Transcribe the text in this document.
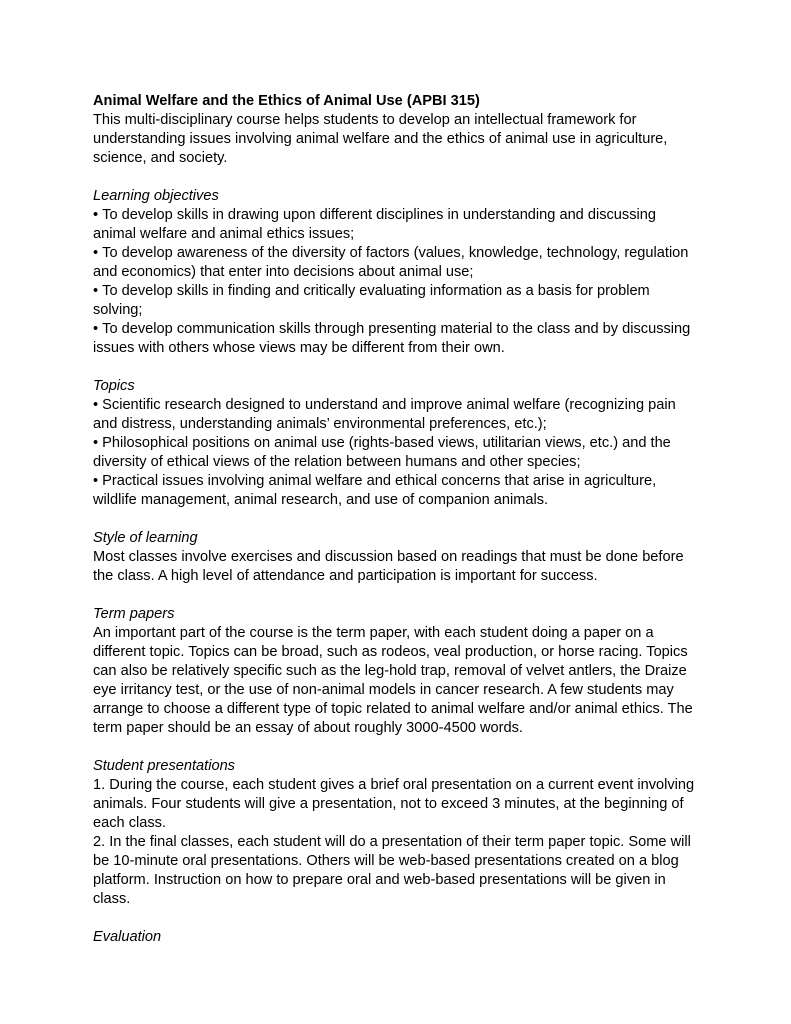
Animal Welfare and the Ethics of Animal Use (APBI 315)

This multi-disciplinary course helps students to develop an intellectual framework for understanding issues involving animal welfare and the ethics of animal use in agriculture, science, and society.

Learning objectives

• To develop skills in drawing upon different disciplines in understanding and discussing animal welfare and animal ethics issues;
• To develop awareness of the diversity of factors (values, knowledge, technology, regulation and economics) that enter into decisions about animal use;
• To develop skills in finding and critically evaluating information as a basis for problem solving;
• To develop communication skills through presenting material to the class and by discussing issues with others whose views may be different from their own.

Topics

• Scientific research designed to understand and improve animal welfare (recognizing pain and distress, understanding animals’ environmental preferences, etc.);
• Philosophical positions on animal use (rights-based views, utilitarian views, etc.) and the diversity of ethical views of the relation between humans and other species;
• Practical issues involving animal welfare and ethical concerns that arise in agriculture, wildlife management, animal research, and use of companion animals.

Style of learning

Most classes involve exercises and discussion based on readings that must be done before the class. A high level of attendance and participation is important for success.

Term papers

An important part of the course is the term paper, with each student doing a paper on a different topic. Topics can be broad, such as rodeos, veal production, or horse racing. Topics can also be relatively specific such as the leg-hold trap, removal of velvet antlers, the Draize eye irritancy test, or the use of non-animal models in cancer research. A few students may arrange to choose a different type of topic related to animal welfare and/or animal ethics. The term paper should be an essay of about roughly 3000-4500 words.

Student presentations

1. During the course, each student gives a brief oral presentation on a current event involving animals. Four students will give a presentation, not to exceed 3 minutes, at the beginning of each class.
2. In the final classes, each student will do a presentation of their term paper topic. Some will be 10-minute oral presentations. Others will be web-based presentations created on a blog platform. Instruction on how to prepare oral and web-based presentations will be given in class.

Evaluation
